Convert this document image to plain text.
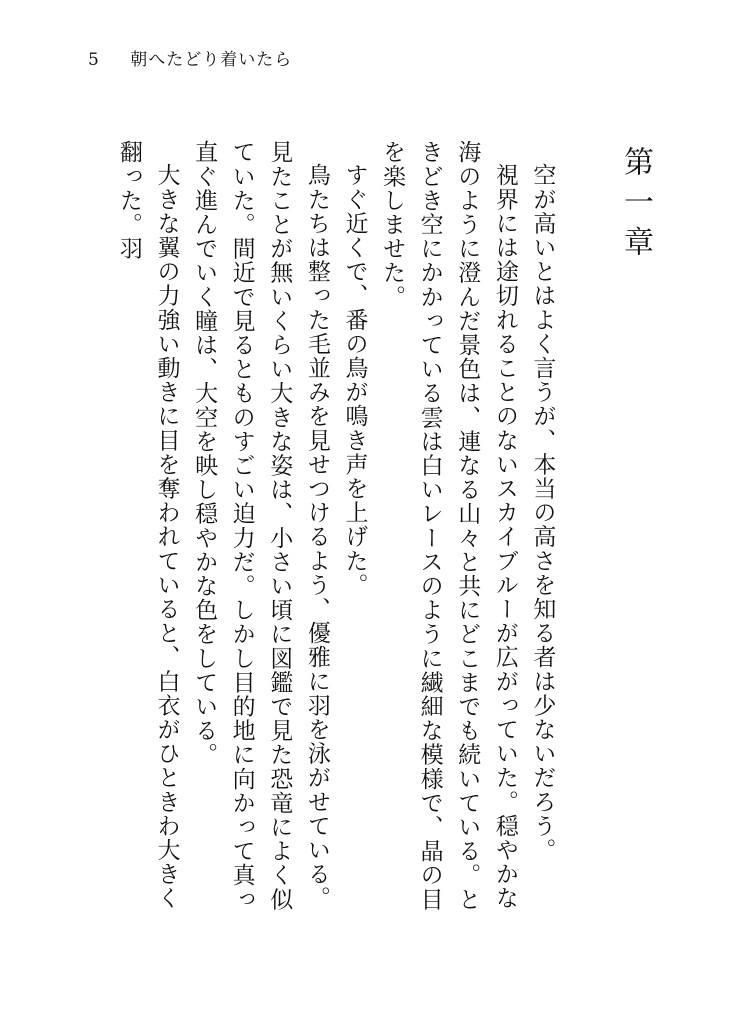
5 朝へたどり着いたら
第一章

空が高いとはよく言うが、本当の高さを知る者は少ないだろう。

視界には途切れることのないスカイブルーが広がっていた。穏やかな海のように澄んだ景色は、連なる山々と共にどこまでも続いている。ときどき空にかかっている雲は白いレースのように繊細な模様で、晶の目を楽しませた。

すぐ近くで、番の鳥が鳴き声を上げた。

鳥たちは整った毛並みを見せつけるよう、優雅に羽を泳がせている。見たことが無いくらい大きな姿は、小さい頃に図鑑で見た恐竜によく似ていた。間近で見るとものすごい迫力だ。しかし目的地に向かって真っ直ぐ進んでいく瞳は、大空を映し穏やかな色をしている。

大きな翼の力強い動きに目を奪われていると、白衣がひときわ大きく翻った。羽
